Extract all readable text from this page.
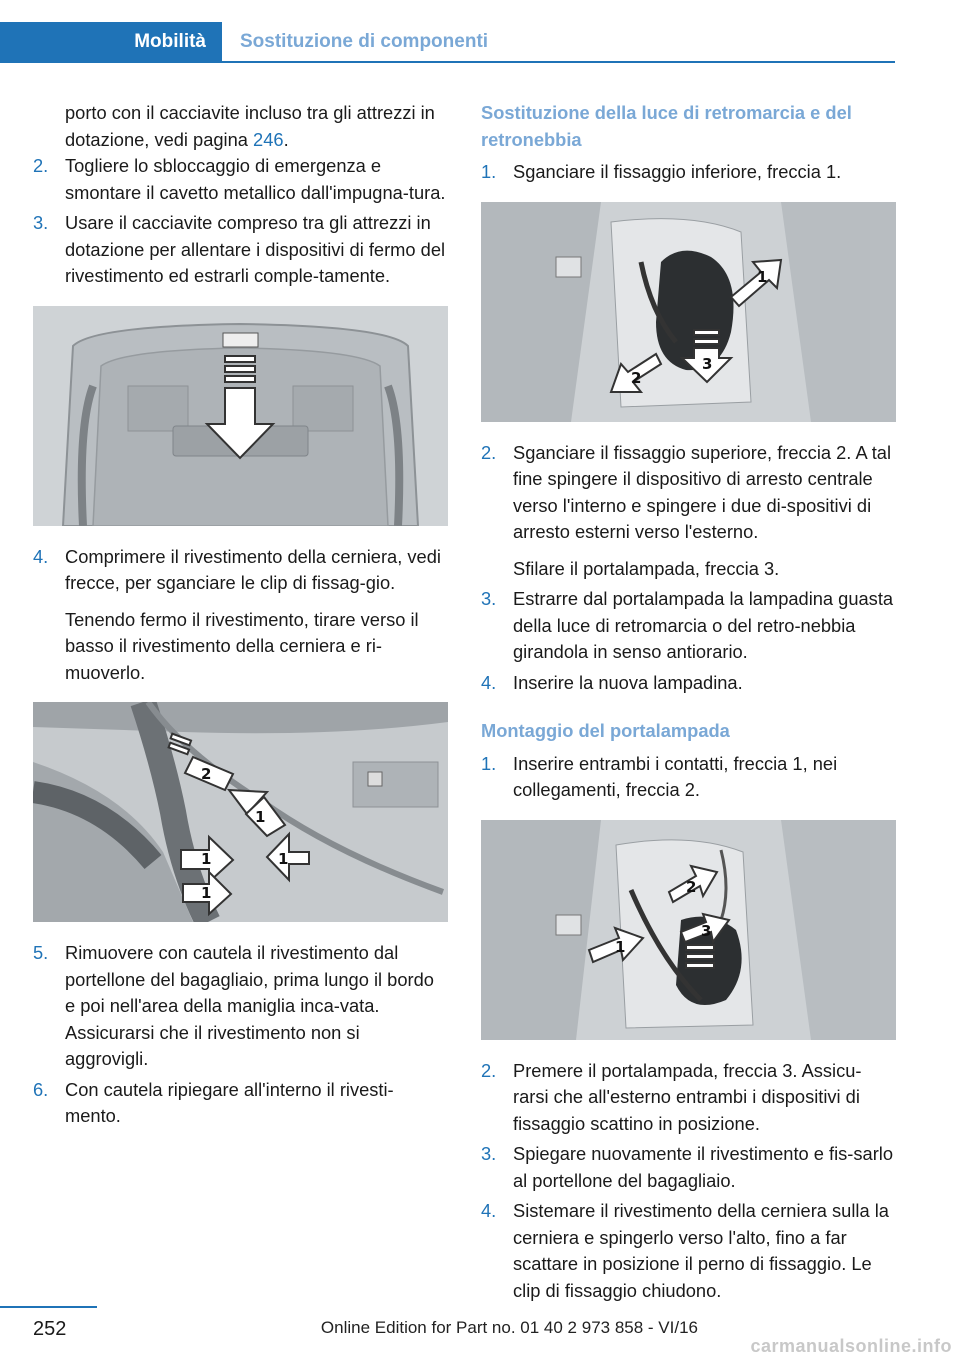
Mobilità Sostituzione di componenti

porto con il cacciavite incluso tra gli attrezzi in dotazione, vedi pagina 246.

2. Togliere lo sbloccaggio di emergenza e smontare il cavetto metallico dall'impugna‐tura.

3. Usare il cacciavite compreso tra gli attrezzi in dotazione per allentare i dispositivi di fermo del rivestimento ed estrarli comple‐tamente.

4. Comprimere il rivestimento della cerniera, vedi frecce, per sganciare le clip di fissag‐gio.

Tenendo fermo il rivestimento, tirare verso il basso il rivestimento della cerniera e ri‐muoverlo.

2
1
1	1
1
5. Rimuovere con cautela il rivestimento dal portellone del bagagliaio, prima lungo il bordo e poi nell'area della maniglia inca‐vata. Assicurarsi che il rivestimento non si aggrovigli.

6. Con cautela ripiegare all'interno il rivesti‐mento.

Sostituzione della luce di retromarcia e del retronebbia
1. Sganciare il fissaggio inferiore, freccia 1.

1
2
3
2. Sganciare il fissaggio superiore, freccia 2. A tal fine spingere il dispositivo di arresto centrale verso l'interno e spingere i due di‐spositivi di arresto esterni verso l'esterno.

Sfilare il portalampada, freccia 3.

3. Estrarre dal portalampada la lampadina guasta della luce di retromarcia o del retro‐nebbia girandola in senso antiorario.

4. Inserire la nuova lampadina.

Montaggio del portalampada
1. Inserire entrambi i contatti, freccia 1, nei collegamenti, freccia 2.

1
2
3
2. Premere il portalampada, freccia 3. Assicu‐rarsi che all'esterno entrambi i dispositivi di fissaggio scattino in posizione.

3. Spiegare nuovamente il rivestimento e fis‐sarlo al portellone del bagagliaio.

4. Sistemare il rivestimento della cerniera sulla la cerniera e spingerlo verso l'alto, fino a far scattare in posizione il perno di fissaggio. Le clip di fissaggio chiudono.

252	Online Edition for Part no. 01 40 2 973 858 - VI/16
carmanualsonline.info
